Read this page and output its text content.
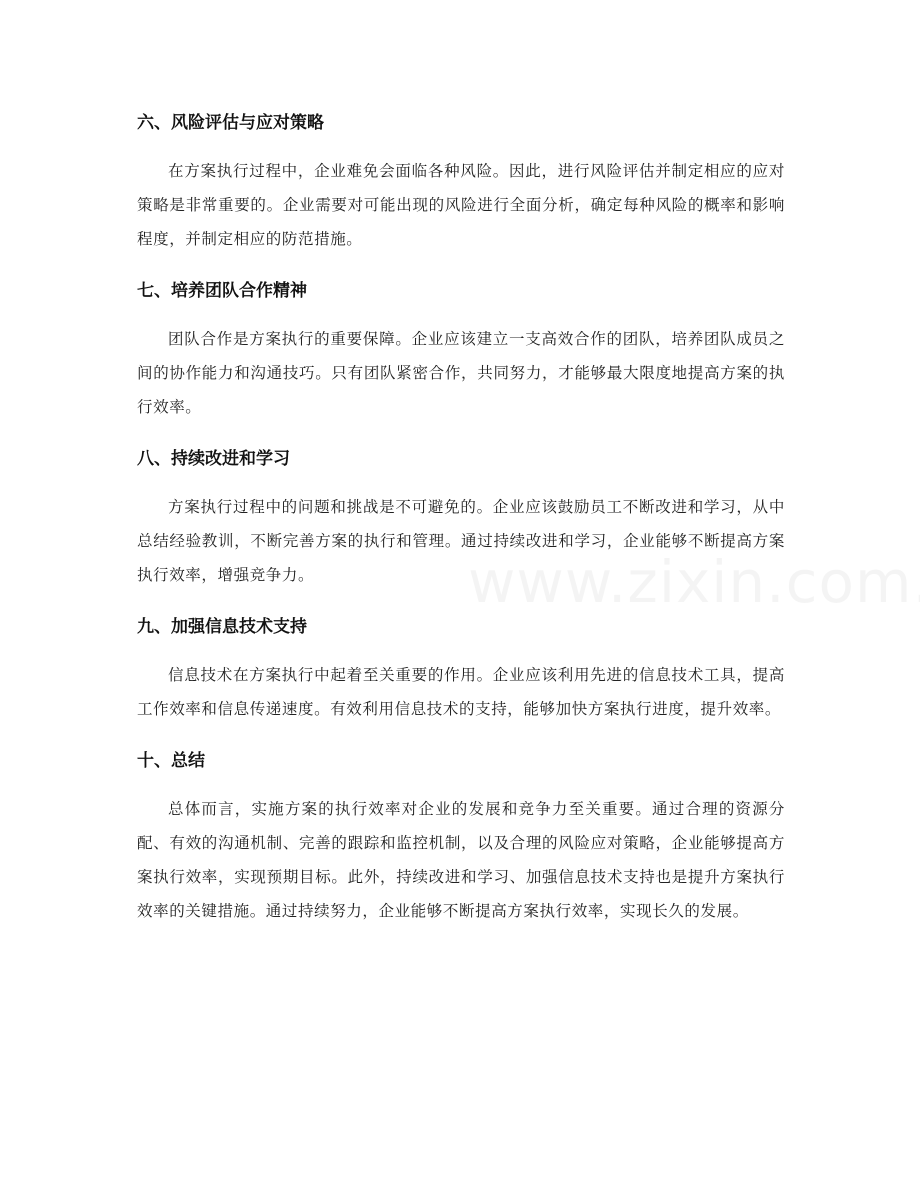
六、风险评估与应对策略

在方案执行过程中，企业难免会面临各种风险。因此，进行风险评估并制定相应的应对策略是非常重要的。企业需要对可能出现的风险进行全面分析，确定每种风险的概率和影响程度，并制定相应的防范措施。

七、培养团队合作精神

团队合作是方案执行的重要保障。企业应该建立一支高效合作的团队，培养团队成员之间的协作能力和沟通技巧。只有团队紧密合作，共同努力，才能够最大限度地提高方案的执行效率。

八、持续改进和学习

方案执行过程中的问题和挑战是不可避免的。企业应该鼓励员工不断改进和学习，从中总结经验教训，不断完善方案的执行和管理。通过持续改进和学习，企业能够不断提高方案执行效率，增强竞争力。

九、加强信息技术支持

信息技术在方案执行中起着至关重要的作用。企业应该利用先进的信息技术工具，提高工作效率和信息传递速度。有效利用信息技术的支持，能够加快方案执行进度，提升效率。

十、总结

总体而言，实施方案的执行效率对企业的发展和竞争力至关重要。通过合理的资源分配、有效的沟通机制、完善的跟踪和监控机制，以及合理的风险应对策略，企业能够提高方案执行效率，实现预期目标。此外，持续改进和学习、加强信息技术支持也是提升方案执行效率的关键措施。通过持续努力，企业能够不断提高方案执行效率，实现长久的发展。
